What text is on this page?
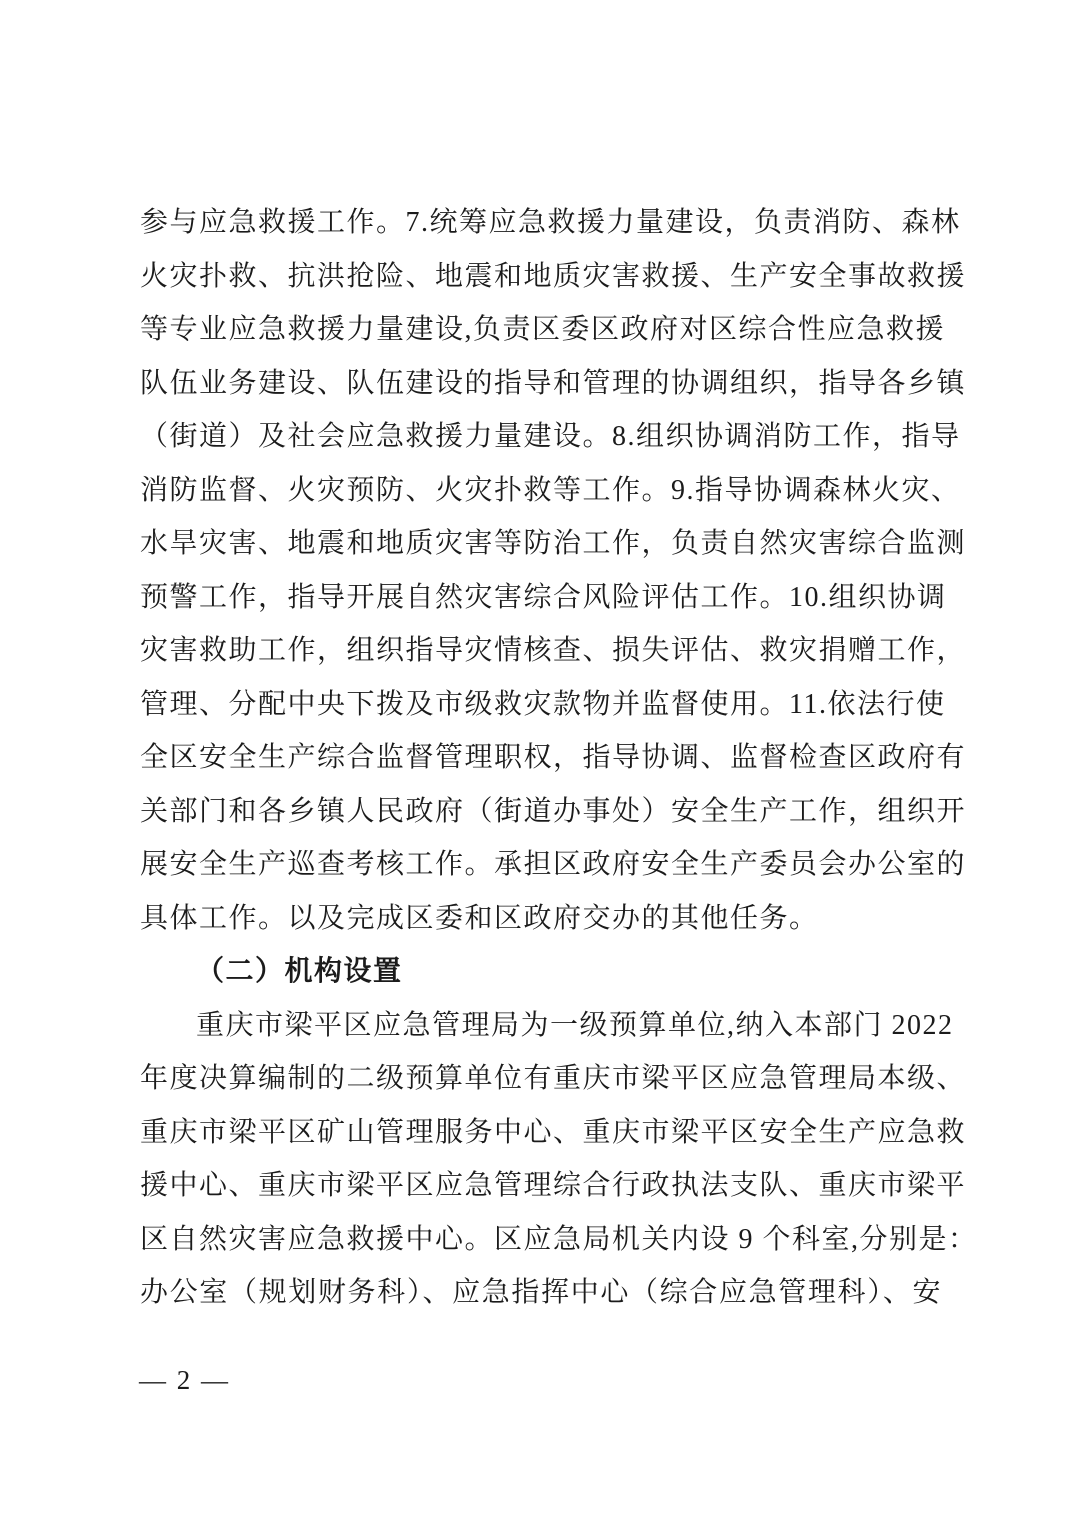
参与应急救援工作。7.统筹应急救援力量建设，负责消防、森林
火灾扑救、抗洪抢险、地震和地质灾害救援、生产安全事故救援
等专业应急救援力量建设,负责区委区政府对区综合性应急救援
队伍业务建设、队伍建设的指导和管理的协调组织，指导各乡镇
（街道）及社会应急救援力量建设。8.组织协调消防工作，指导
消防监督、火灾预防、火灾扑救等工作。9.指导协调森林火灾、
水旱灾害、地震和地质灾害等防治工作，负责自然灾害综合监测
预警工作，指导开展自然灾害综合风险评估工作。10.组织协调
灾害救助工作，组织指导灾情核查、损失评估、救灾捐赠工作，
管理、分配中央下拨及市级救灾款物并监督使用。11.依法行使
全区安全生产综合监督管理职权，指导协调、监督检查区政府有
关部门和各乡镇人民政府（街道办事处）安全生产工作，组织开
展安全生产巡查考核工作。承担区政府安全生产委员会办公室的
具体工作。以及完成区委和区政府交办的其他任务。
（二）机构设置
重庆市梁平区应急管理局为一级预算单位,纳入本部门 2022
年度决算编制的二级预算单位有重庆市梁平区应急管理局本级、
重庆市梁平区矿山管理服务中心、重庆市梁平区安全生产应急救
援中心、重庆市梁平区应急管理综合行政执法支队、重庆市梁平
区自然灾害应急救援中心。区应急局机关内设 9 个科室,分别是：
办公室（规划财务科）、应急指挥中心（综合应急管理科）、安
— 2 —
